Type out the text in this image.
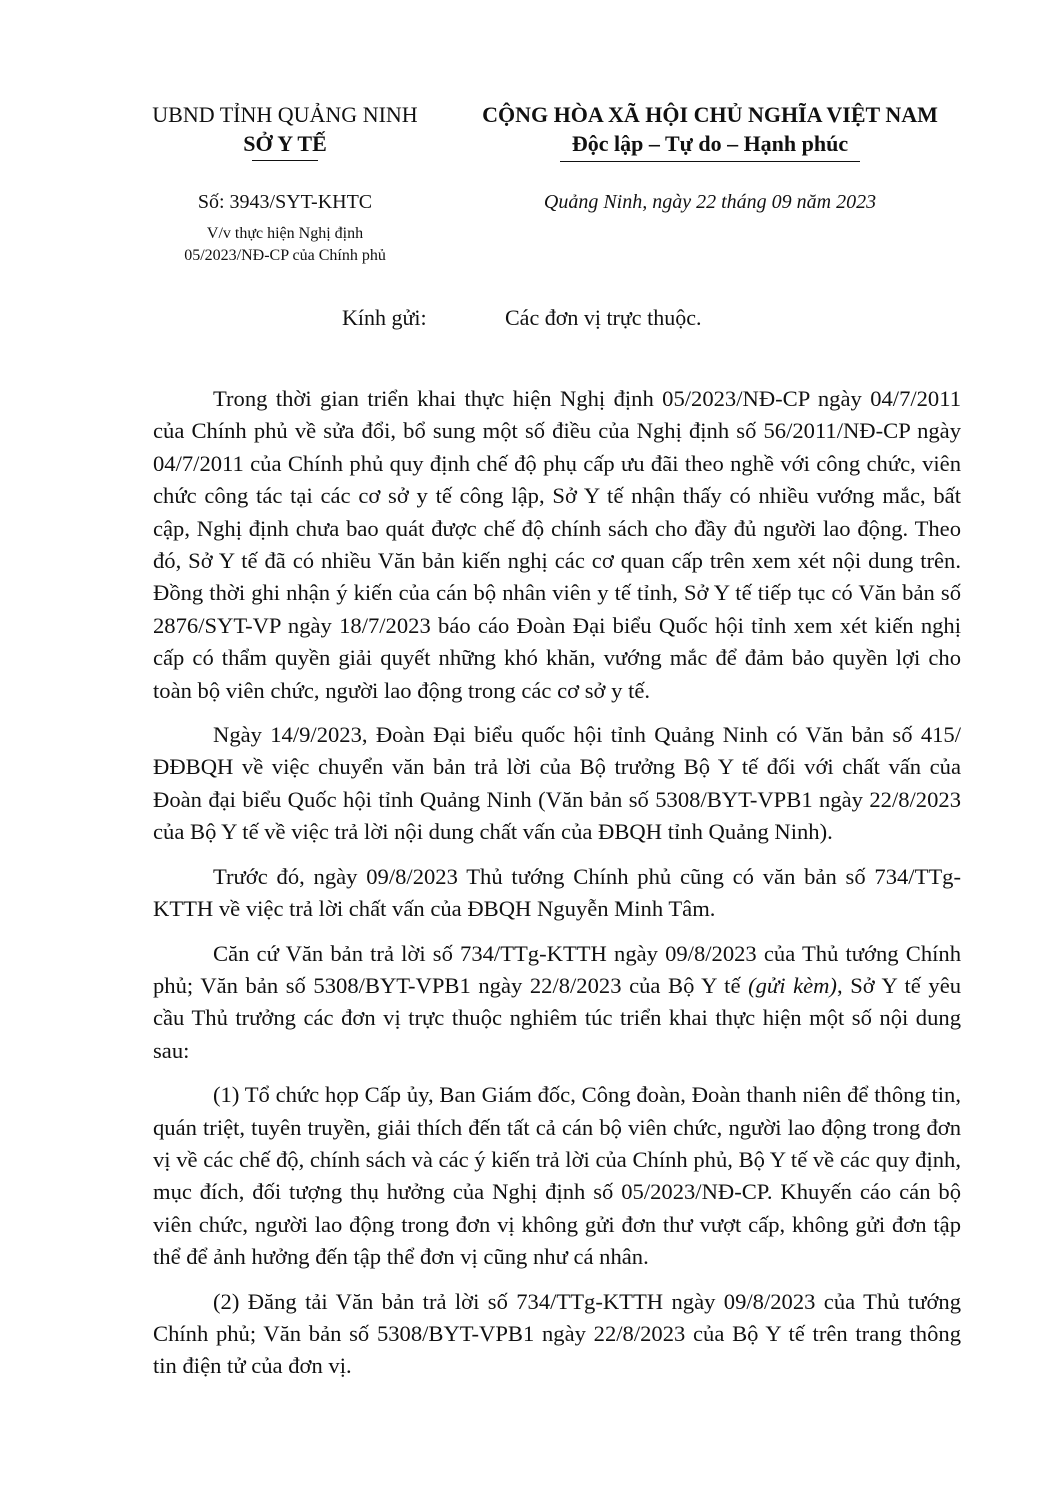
UBND TỈNH QUẢNG NINH
SỞ Y TẾ
Số: 3943/SYT-KHTC
V/v thực hiện Nghị định
05/2023/NĐ-CP của Chính phủ
CỘNG HÒA XÃ HỘI CHỦ NGHĨA VIỆT NAM
Độc lập – Tự do – Hạnh phúc
Quảng Ninh, ngày 22 tháng 09 năm 2023
Kính gửi:	Các đơn vị trực thuộc.

Trong thời gian triển khai thực hiện Nghị định 05/2023/NĐ-CP ngày 04/7/2011 của Chính phủ về sửa đổi, bổ sung một số điều của Nghị định số 56/2011/NĐ-CP ngày 04/7/2011 của Chính phủ quy định chế độ phụ cấp ưu đãi theo nghề với công chức, viên chức công tác tại các cơ sở y tế công lập, Sở Y tế nhận thấy có nhiều vướng mắc, bất cập, Nghị định chưa bao quát được chế độ chính sách cho đầy đủ người lao động. Theo đó, Sở Y tế đã có nhiều Văn bản kiến nghị các cơ quan cấp trên xem xét nội dung trên. Đồng thời ghi nhận ý kiến của cán bộ nhân viên y tế tỉnh, Sở Y tế tiếp tục có Văn bản số 2876/SYT-VP ngày 18/7/2023 báo cáo Đoàn Đại biểu Quốc hội tỉnh xem xét kiến nghị cấp có thẩm quyền giải quyết những khó khăn, vướng mắc để đảm bảo quyền lợi cho toàn bộ viên chức, người lao động trong các cơ sở y tế.

Ngày 14/9/2023, Đoàn Đại biểu quốc hội tỉnh Quảng Ninh có Văn bản số 415/ĐĐBQH về việc chuyển văn bản trả lời của Bộ trưởng Bộ Y tế đối với chất vấn của Đoàn đại biểu Quốc hội tỉnh Quảng Ninh (Văn bản số 5308/BYT-VPB1 ngày 22/8/2023 của Bộ Y tế về việc trả lời nội dung chất vấn của ĐBQH tỉnh Quảng Ninh).

Trước đó, ngày 09/8/2023 Thủ tướng Chính phủ cũng có văn bản số 734/TTg-KTTH về việc trả lời chất vấn của ĐBQH Nguyễn Minh Tâm.

Căn cứ Văn bản trả lời số 734/TTg-KTTH ngày 09/8/2023 của Thủ tướng Chính phủ; Văn bản số 5308/BYT-VPB1 ngày 22/8/2023 của Bộ Y tế (gửi kèm), Sở Y tế yêu cầu Thủ trưởng các đơn vị trực thuộc nghiêm túc triển khai thực hiện một số nội dung sau:

(1) Tổ chức họp Cấp ủy, Ban Giám đốc, Công đoàn, Đoàn thanh niên để thông tin, quán triệt, tuyên truyền, giải thích đến tất cả cán bộ viên chức, người lao động trong đơn vị về các chế độ, chính sách và các ý kiến trả lời của Chính phủ, Bộ Y tế về các quy định, mục đích, đối tượng thụ hưởng của Nghị định số 05/2023/NĐ-CP. Khuyến cáo cán bộ viên chức, người lao động trong đơn vị không gửi đơn thư vượt cấp, không gửi đơn tập thể để ảnh hưởng đến tập thể đơn vị cũng như cá nhân.

(2) Đăng tải Văn bản trả lời số 734/TTg-KTTH ngày 09/8/2023 của Thủ tướng Chính phủ; Văn bản số 5308/BYT-VPB1 ngày 22/8/2023 của Bộ Y tế trên trang thông tin điện tử của đơn vị.
